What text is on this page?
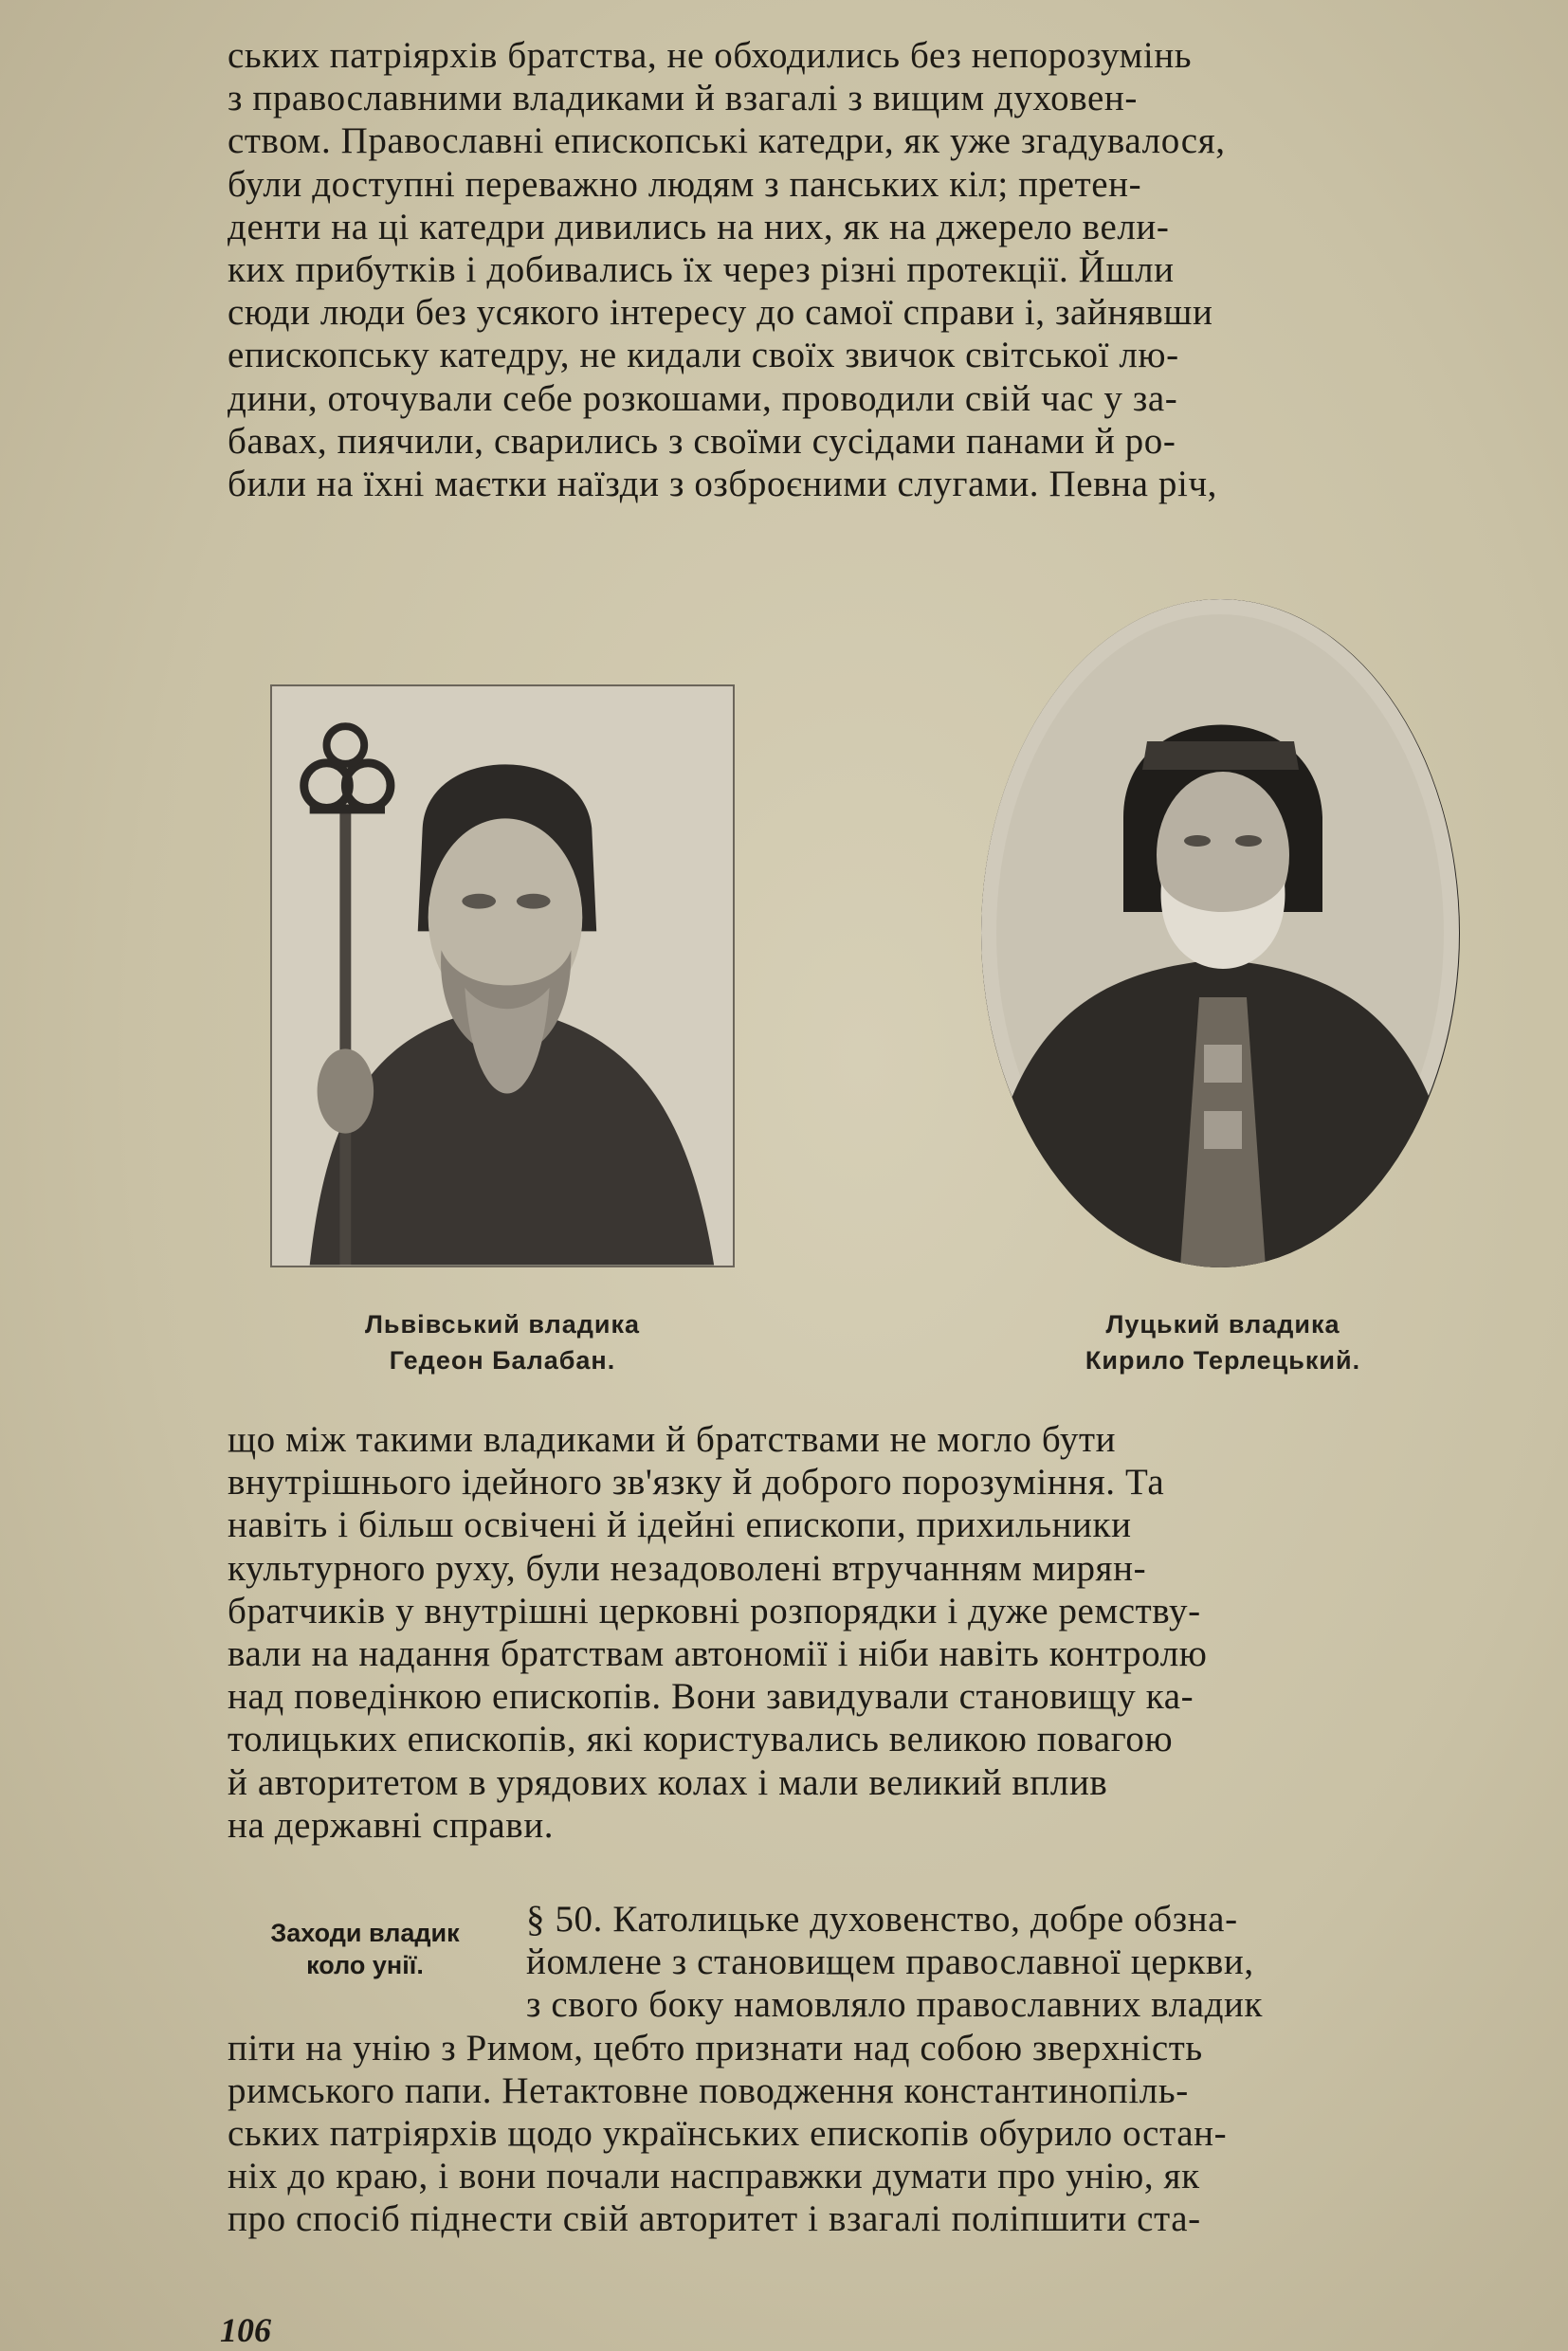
ських патріярхів братства, не обходились без непорозумінь

з православними владиками й взагалі з вищим духовен-

ством. Православні епископські катедри, як уже згадувалося,

були доступні переважно людям з панських кіл; претен-

денти на ці катедри дивились на них, як на джерело вели-

ких прибутків і добивались їх через різні протекції. Йшли

сюди люди без усякого інтересу до самої справи і, зайнявши

епископську катедру, не кидали своїх звичок світської лю-

дини, оточували себе розкошами, проводили свій час у за-

бавах, пиячили, сварились з своїми сусідами панами й ро-

били на їхні маєтки наїзди з озброєними слугами. Певна річ,

Львівський владика
Гедеон Балабан.
Луцький владика
Кирило Терлецький.

що між такими владиками й братствами не могло бути

внутрішнього ідейного зв'язку й доброго порозуміння. Та

навіть і більш освічені й ідейні епископи, прихильники

культурного руху, були незадоволені втручанням мирян-

братчиків у внутрішні церковні розпорядки і дуже ремству-

вали на надання братствам автономії і ніби навіть контролю

над поведінкою епископів. Вони завидували становищу ка-

толицьких епископів, які користувались великою повагою

й авторитетом в урядових колах і мали великий вплив

на державні справи.

Заходи владик
коло унії.

§ 50. Католицьке духовенство, добре обзна-

йомлене з становищем православної церкви,

з свого боку намовляло православних владик

піти на унію з Римом, цебто признати над собою зверхність

римського папи. Нетактовне поводження константинопіль-

ських патріярхів щодо українських епископів обурило остан-

ніх до краю, і вони почали насправжки думати про унію, як

про спосіб піднести свій авторитет і взагалі поліпшити ста-

106
